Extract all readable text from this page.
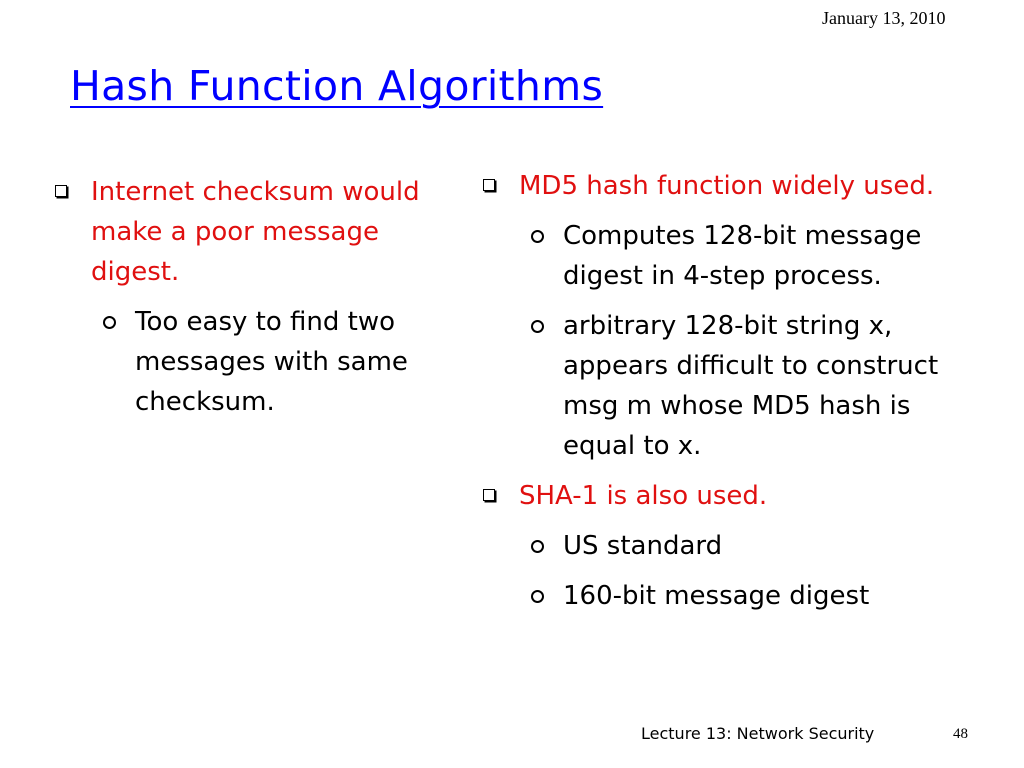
January 13, 2010
Hash Function Algorithms
Internet checksum would make a poor message digest.
Too easy to find two messages with same checksum.
MD5 hash function widely used.
Computes 128-bit message digest in 4-step process.
arbitrary 128-bit string x, appears difficult to construct msg m whose MD5 hash is equal to x.
SHA-1 is also used.
US standard
160-bit message digest
Lecture 13: Network Security	48
